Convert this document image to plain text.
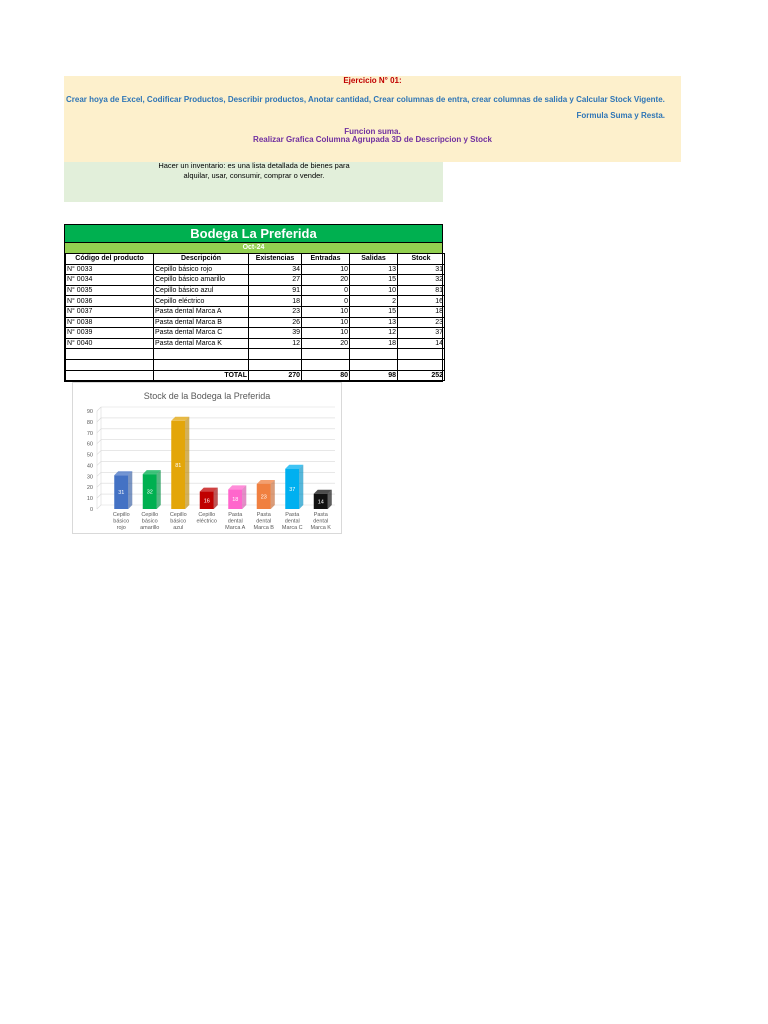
Ejercicio N° 01:
Crear hoya de Excel, Codificar Productos, Describir productos, Anotar cantidad, Crear columnas de entra, crear columnas de salida y Calcular Stock Vigente.
Formula Suma y Resta.
Funcion suma.
Realizar Grafica Columna Agrupada 3D de Descripcion y Stock
Hacer un inventario: es una lista detallada de bienes para alquilar, usar, consumir, comprar o vender.
Bodega La Preferida
Oct-24
Código del producto	Descripción	Existencias	Entradas	Salidas	Stock
N° 0033	Cepillo básico rojo	34	10	13	31
N° 0034	Cepillo básico amarillo	27	20	15	32
N° 0035	Cepillo básico azul	91	0	10	81
N° 0036	Cepillo eléctrico	18	0	2	16
N° 0037	Pasta dental Marca A	23	10	15	18
N° 0038	Pasta dental Marca B	26	10	13	23
N° 0039	Pasta dental Marca C	39	10	12	37
N° 0040	Pasta dental Marca K	12	20	18	14

	TOTAL	270	80	98	252
Stock de la Bodega la Preferida
0
10
20
30
40
50
60
70
80
90
31
Cepillo
básico
rojo
32
Cepillo
básico
amarillo
81
Cepillo
básico
azul
16
Cepillo
eléctrico
18
Pasta
dental
Marca A
23
Pasta
dental
Marca B
37
Pasta
dental
Marca C
14
Pasta
dental
Marca K
